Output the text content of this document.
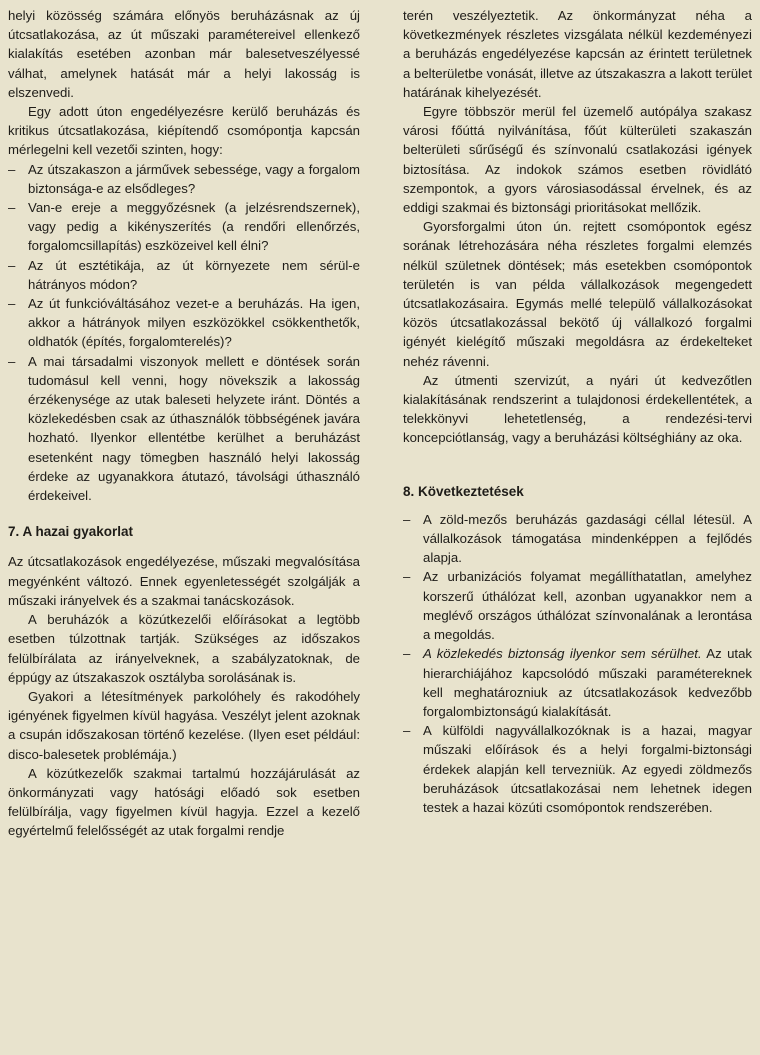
helyi közösség számára előnyös beruházásnak az új útcsatlakozása, az út műszaki paramétereivel ellenkező kialakítás esetében azonban már balesetveszélyessé válhat, amelynek hatását már a helyi lakosság is elszenvedi.

Egy adott úton engedélyezésre kerülő beruházás és kritikus útcsatlakozása, kiépítendő csomópontja kapcsán mérlegelni kell vezetői szinten, hogy:

– Az útszakaszon a járművek sebessége, vagy a forgalom biztonsága-e az elsődleges?
– Van-e ereje a meggyőzésnek (a jelzésrendszernek), vagy pedig a kikényszerítés (a rendőri ellenőrzés, forgalomcsillapítás) eszközeivel kell élni?
– Az út esztétikája, az út környezete nem sérül-e hátrányos módon?
– Az út funkcióváltásához vezet-e a beruházás. Ha igen, akkor a hátrányok milyen eszközökkel csökkenthetők, oldhatók (építés, forgalomterelés)?
– A mai társadalmi viszonyok mellett e döntések során tudomásul kell venni, hogy növekszik a lakosság érzékenysége az utak baleseti helyzete iránt. Döntés a közlekedésben csak az úthasználók többségének javára hozható. Ilyenkor ellentétbe kerülhet a beruházást esetenként nagy tömegben használó helyi lakosság érdeke az ugyanakkora átutazó, távolsági úthasználó érdekeivel.
7. A hazai gyakorlat

Az útcsatlakozások engedélyezése, műszaki megvalósítása megyénként változó. Ennek egyenletességét szolgálják a műszaki irányelvek és a szakmai tanácskozások.

A beruházók a közútkezelői előírásokat a legtöbb esetben túlzottnak tartják. Szükséges az időszakos felülbírálata az irányelveknek, a szabályzatoknak, de éppúgy az útszakaszok osztályba sorolásának is.

Gyakori a létesítmények parkolóhely és rakodóhely igényének figyelmen kívül hagyása. Veszélyt jelent azoknak a csupán időszakosan történő kezelése. (Ilyen eset például: disco-balesetek problémája.)

A közútkezelők szakmai tartalmú hozzájárulását az önkormányzati vagy hatósági előadó sok esetben felülbírálja, vagy figyelmen kívül hagyja. Ezzel a kezelő egyértelmű felelősségét az utak forgalmi rendje

terén veszélyeztetik. Az önkormányzat néha a következmények részletes vizsgálata nélkül kezdeményezi a beruházás engedélyezése kapcsán az érintett területnek a belterületbe vonását, illetve az útszakaszra a lakott terület határának kihelyezését.

Egyre többször merül fel üzemelő autópálya szakasz városi főúttá nyilvánítása, főút külterületi szakaszán belterületi sűrűségű és színvonalú csatlakozási igények biztosítása. Az indokok számos esetben rövidlátó szempontok, a gyors városiasodással érvelnek, és az eddigi szakmai és biztonsági prioritásokat mellőzik.

Gyorsforgalmi úton ún. rejtett csomópontok egész sorának létrehozására néha részletes forgalmi elemzés nélkül születnek döntések; más esetekben csomópontok területén is van példa vállalkozások megengedett útcsatlakozásaira. Egymás mellé települő vállalkozásokat közös útcsatlakozással bekötő új vállalkozó forgalmi igényét kielégítő műszaki megoldásra az érdekelteket nehéz rávenni.

Az útmenti szervizút, a nyári út kedvezőtlen kialakításának rendszerint a tulajdonosi érdekellentétek, a telekkönyvi lehetetlenség, a rendezési-tervi koncepciótlanság, vagy a beruházási költséghiány az oka.

8. Következtetések
– A zöld-mezős beruházás gazdasági céllal létesül. A vállalkozások támogatása mindenképpen a fejlődés alapja.
– Az urbanizációs folyamat megállíthatatlan, amelyhez korszerű úthálózat kell, azonban ugyanakkor nem a meglévő országos úthálózat színvonalának a lerontása a megoldás.
– A közlekedés biztonság ilyenkor sem sérülhet. Az utak hierarchiájához kapcsolódó műszaki paramétereknek kell meghatározniuk az útcsatlakozások kedvezőbb forgalombiztonságú kialakítását.
– A külföldi nagyvállalkozóknak is a hazai, magyar műszaki előírások és a helyi forgalmi-biztonsági érdekek alapján kell tervezniük. Az egyedi zöldmezős beruházások útcsatlakozásai nem lehetnek idegen testek a hazai közúti csomópontok rendszerében.
